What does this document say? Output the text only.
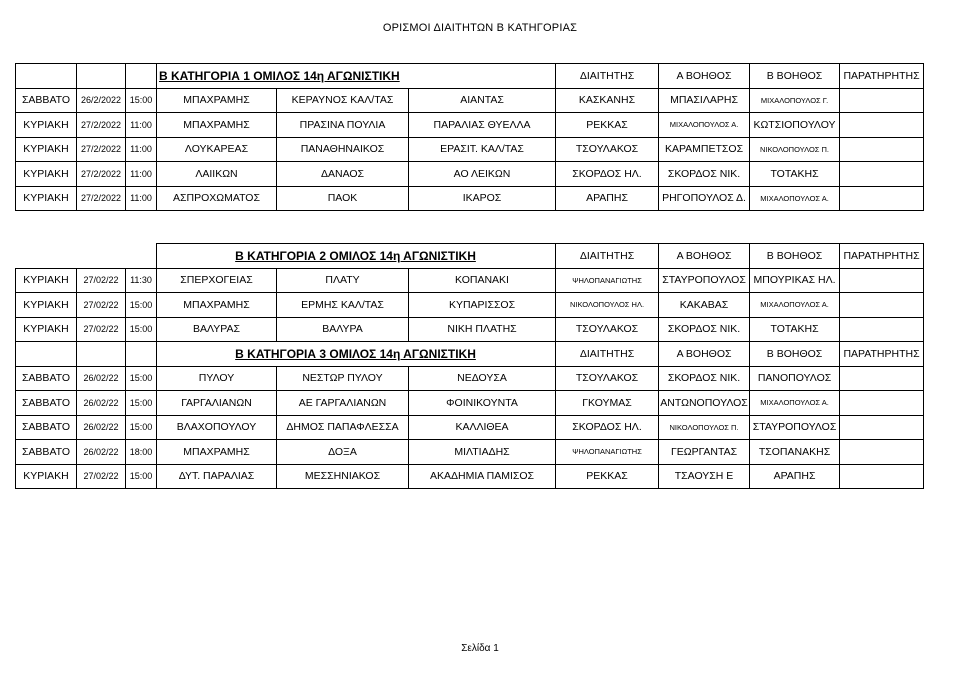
ΟΡΙΣΜΟΙ ΔΙΑΙΤΗΤΩΝ Β ΚΑΤΗΓΟΡΙΑΣ
			Β ΚΑΤΗΓΟΡΙΑ 1 ΟΜΙΛΟΣ 14η ΑΓΩΝΙΣΤΙΚΗ			ΔΙΑΙΤΗΤΗΣ	Α ΒΟΗΘΟΣ	Β ΒΟΗΘΟΣ	ΠΑΡΑΤΗΡΗΤΗΣ
ΣΑΒΒΑΤΟ	26/2/2022	15:00	ΜΠΑΧΡΑΜΗΣ	ΚΕΡΑΥΝΟΣ ΚΑΛ/ΤΑΣ	ΑΙΑΝΤΑΣ	ΚΑΣΚΑΝΗΣ	ΜΠΑΣΙΛΑΡΗΣ	ΜΙΧΑΛΟΠΟΥΛΟΣ Γ.	
ΚΥΡΙΑΚΗ	27/2/2022	11:00	ΜΠΑΧΡΑΜΗΣ	ΠΡΑΣΙΝΑ ΠΟΥΛΙΑ	ΠΑΡΑΛΙΑΣ ΘΥΕΛΛΑ	ΡΕΚΚΑΣ	ΜΙΧΑΛΟΠΟΥΛΟΣ Α.	ΚΩΤΣΙΟΠΟΥΛΟΥ	
ΚΥΡΙΑΚΗ	27/2/2022	11:00	ΛΟΥΚΑΡΕΑΣ	ΠΑΝΑΘΗΝΑΙΚΟΣ	ΕΡΑΣΙΤ. ΚΑΛ/ΤΑΣ	ΤΣΟΥΛΑΚΟΣ	ΚΑΡΑΜΠΕΤΣΟΣ	ΝΙΚΟΛΟΠΟΥΛΟΣ Π.	
ΚΥΡΙΑΚΗ	27/2/2022	11:00	ΛΑΙΙΚΩΝ	ΔΑΝΑΟΣ	ΑΟ ΛΕΙΚΩΝ	ΣΚΟΡΔΟΣ ΗΛ.	ΣΚΟΡΔΟΣ ΝΙΚ.	ΤΟΤΑΚΗΣ	
ΚΥΡΙΑΚΗ	27/2/2022	11:00	ΑΣΠΡΟΧΩΜΑΤΟΣ	ΠΑΟΚ	ΙΚΑΡΟΣ	ΑΡΑΠΗΣ	ΡΗΓΟΠΟΥΛΟΣ Δ.	ΜΙΧΑΛΟΠΟΥΛΟΣ Α.	
			Β ΚΑΤΗΓΟΡΙΑ 2 ΟΜΙΛΟΣ 14η ΑΓΩΝΙΣΤΙΚΗ			ΔΙΑΙΤΗΤΗΣ	Α ΒΟΗΘΟΣ	Β ΒΟΗΘΟΣ	ΠΑΡΑΤΗΡΗΤΗΣ
ΚΥΡΙΑΚΗ	27/02/22	11:30	ΣΠΕΡΧΟΓΕΙΑΣ	ΠΛΑΤΥ	ΚΟΠΑΝΑΚΙ	ΨΗΛΟΠΑΝΑΓΙΩΤΗΣ	ΣΤΑΥΡΟΠΟΥΛΟΣ	ΜΠΟΥΡΙΚΑΣ ΗΛ.	
ΚΥΡΙΑΚΗ	27/02/22	15:00	ΜΠΑΧΡΑΜΗΣ	ΕΡΜΗΣ ΚΑΛ/ΤΑΣ	ΚΥΠΑΡΙΣΣΟΣ	ΝΙΚΟΛΟΠΟΥΛΟΣ ΗΛ.	ΚΑΚΑΒΑΣ	ΜΙΧΑΛΟΠΟΥΛΟΣ Α.	
ΚΥΡΙΑΚΗ	27/02/22	15:00	ΒΑΛΥΡΑΣ	ΒΑΛΥΡΑ	ΝΙΚΗ ΠΛΑΤΗΣ	ΤΣΟΥΛΑΚΟΣ	ΣΚΟΡΔΟΣ ΝΙΚ.	ΤΟΤΑΚΗΣ	
			Β ΚΑΤΗΓΟΡΙΑ 3 ΟΜΙΛΟΣ 14η ΑΓΩΝΙΣΤΙΚΗ			ΔΙΑΙΤΗΤΗΣ	Α ΒΟΗΘΟΣ	Β ΒΟΗΘΟΣ	ΠΑΡΑΤΗΡΗΤΗΣ
ΣΑΒΒΑΤΟ	26/02/22	15:00	ΠΥΛΟΥ	ΝΕΣΤΩΡ ΠΥΛΟΥ	ΝΕΔΟΥΣΑ	ΤΣΟΥΛΑΚΟΣ	ΣΚΟΡΔΟΣ ΝΙΚ.	ΠΑΝΟΠΟΥΛΟΣ	
ΣΑΒΒΑΤΟ	26/02/22	15:00	ΓΑΡΓΑΛΙΑΝΩΝ	ΑΕ ΓΑΡΓΑΛΙΑΝΩΝ	ΦΟΙΝΙΚΟΥΝΤΑ	ΓΚΟΥΜΑΣ	ΑΝΤΩΝΟΠΟΥΛΟΣ	ΜΙΧΑΛΟΠΟΥΛΟΣ Α.	
ΣΑΒΒΑΤΟ	26/02/22	15:00	ΒΛΑΧΟΠΟΥΛΟΥ	ΔΗΜΟΣ ΠΑΠΑΦΛΕΣΣΑ	ΚΑΛΛΙΘΕΑ	ΣΚΟΡΔΟΣ ΗΛ.	ΝΙΚΟΛΟΠΟΥΛΟΣ Π.	ΣΤΑΥΡΟΠΟΥΛΟΣ	
ΣΑΒΒΑΤΟ	26/02/22	18:00	ΜΠΑΧΡΑΜΗΣ	ΔΟΞΑ	ΜΙΛΤΙΑΔΗΣ	ΨΗΛΟΠΑΝΑΓΙΩΤΗΣ	ΓΕΩΡΓΑΝΤΑΣ	ΤΣΟΠΑΝΑΚΗΣ	
ΚΥΡΙΑΚΗ	27/02/22	15:00	ΔΥΤ. ΠΑΡΑΛΙΑΣ	ΜΕΣΣΗΝΙΑΚΟΣ	ΑΚΑΔΗΜΙΑ ΠΑΜΙΣΟΣ	ΡΕΚΚΑΣ	ΤΣΑΟΥΣΗ Ε	ΑΡΑΠΗΣ	
Σελίδα 1
